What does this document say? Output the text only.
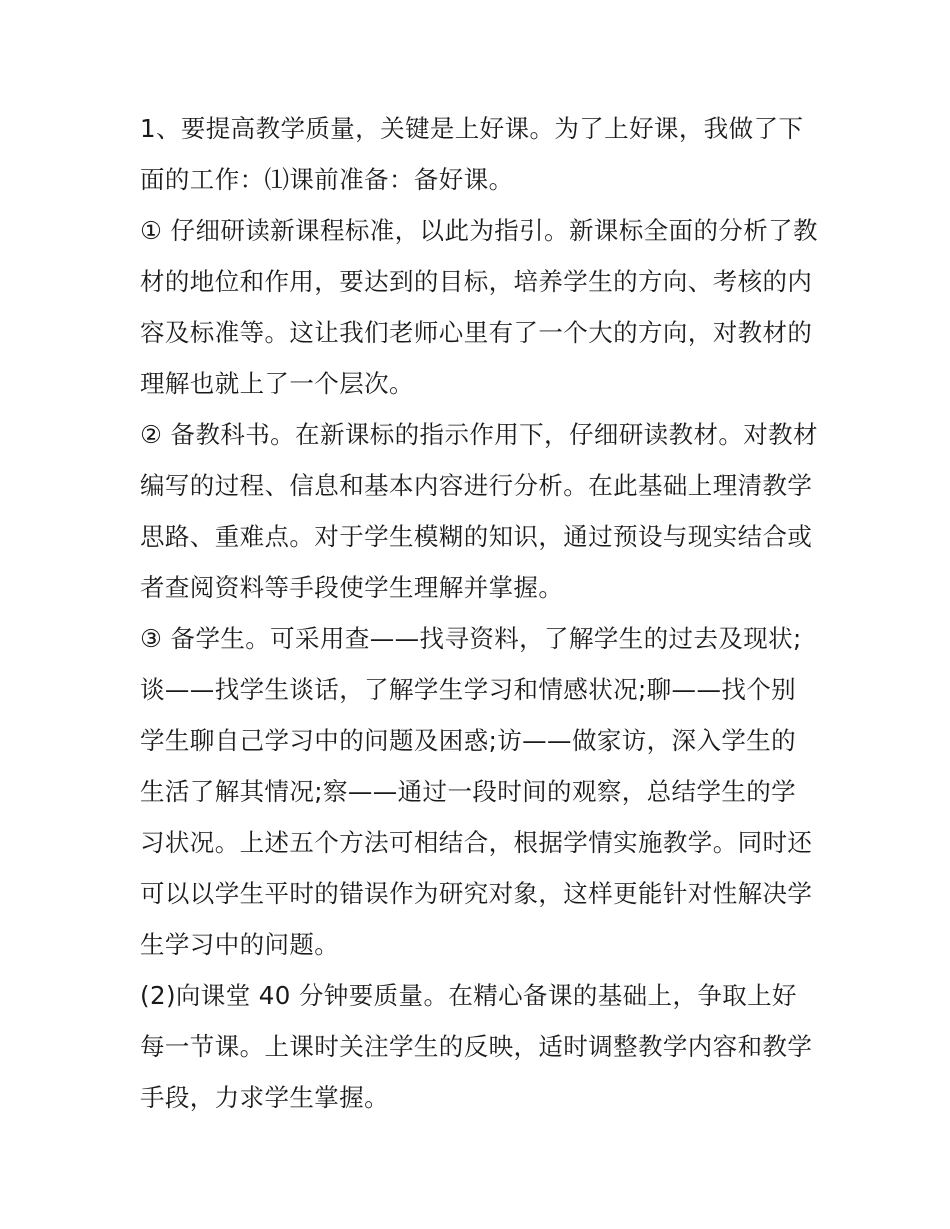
1、要提高教学质量，关键是上好课。为了上好课，我做了下面的工作：⑴课前准备：备好课。

① 仔细研读新课程标准，以此为指引。新课标全面的分析了教材的地位和作用，要达到的目标，培养学生的方向、考核的内容及标准等。这让我们老师心里有了一个大的方向，对教材的理解也就上了一个层次。

② 备教科书。在新课标的指示作用下，仔细研读教材。对教材编写的过程、信息和基本内容进行分析。在此基础上理清教学思路、重难点。对于学生模糊的知识，通过预设与现实结合或者查阅资料等手段使学生理解并掌握。

③ 备学生。可采用查——找寻资料，了解学生的过去及现状;谈——找学生谈话，了解学生学习和情感状况;聊——找个别学生聊自己学习中的问题及困惑;访——做家访，深入学生的生活了解其情况;察——通过一段时间的观察，总结学生的学习状况。上述五个方法可相结合，根据学情实施教学。同时还可以以学生平时的错误作为研究对象，这样更能针对性解决学生学习中的问题。

(2)向课堂 40 分钟要质量。在精心备课的基础上，争取上好每一节课。上课时关注学生的反映，适时调整教学内容和教学手段，力求学生掌握。
